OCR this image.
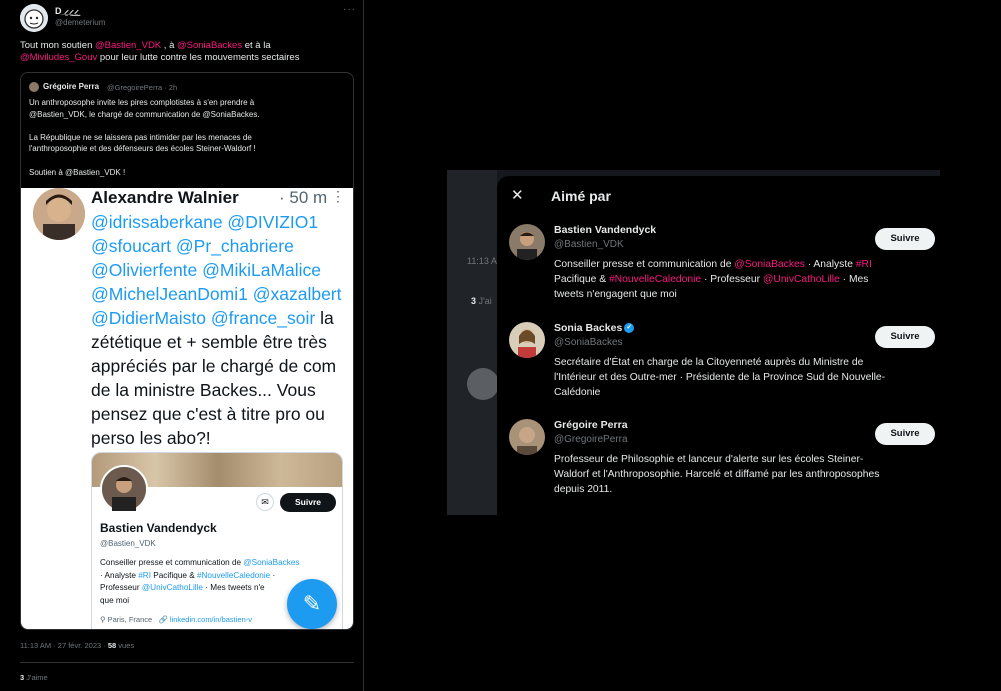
D_̷̱_̷̱ ͟͟ ̷̱
@demeterium
···
Tout mon soutien @Bastien_VDK , à @SoniaBackes et à la
@Miviludes_Gouv pour leur lutte contre les mouvements sectaires
Grégoire Perra @GregoirePerra · 2h
Un anthroposophe invite les pires complotistes à s'en prendre à
@Bastien_VDK, le chargé de communication de @SoniaBackes.
La République ne se laissera pas intimider par les menaces de
l'anthroposophie et des défenseurs des écoles Steiner-Waldorf !
Soutien à @Bastien_VDK !
Alexandre Walnier · 50 m ⋮
@idrissaberkane @DIVIZIO1
@sfoucart @Pr_chabriere
@Olivierfente @MikiLaMalice
@MichelJeanDomi1 @xazalbert
@DidierMaisto @france_soir la
zététique et + semble être très
appréciés par le chargé de com
de la ministre Backes... Vous
pensez que c'est à titre pro ou
perso les abo?!
✉	Suivre
Bastien Vandendyck
@Bastien_VDK
Conseiller presse et communication de @SoniaBackes
· Analyste #RI Pacifique & #NouvelleCaledonie ·
Professeur @UnivCathoLille · Mes tweets n'e
que moi
⚲ Paris, France   🔗 linkedin.com/in/bastien-v
✎
11:13 AM · 27 févr. 2023 · 58 vues
3 J'aime
11:13 A
3 J'ai
✕ Aimé par
Bastien Vandendyck
@Bastien_VDK
Suivre
Conseiller presse et communication de @SoniaBackes · Analyste #RI
Pacifique & #NouvelleCaledonie · Professeur @UnivCathoLille · Mes
tweets n'engagent que moi
Sonia Backes ✓
@SoniaBackes
Suivre
Secrétaire d'État en charge de la Citoyenneté auprès du Ministre de
l'Intérieur et des Outre-mer · Présidente de la Province Sud de Nouvelle-
Calédonie
Grégoire Perra
@GregoirePerra
Suivre
Professeur de Philosophie et lanceur d'alerte sur les écoles Steiner-
Waldorf et l'Anthroposophie. Harcelé et diffamé par les anthroposophes
depuis 2011.
